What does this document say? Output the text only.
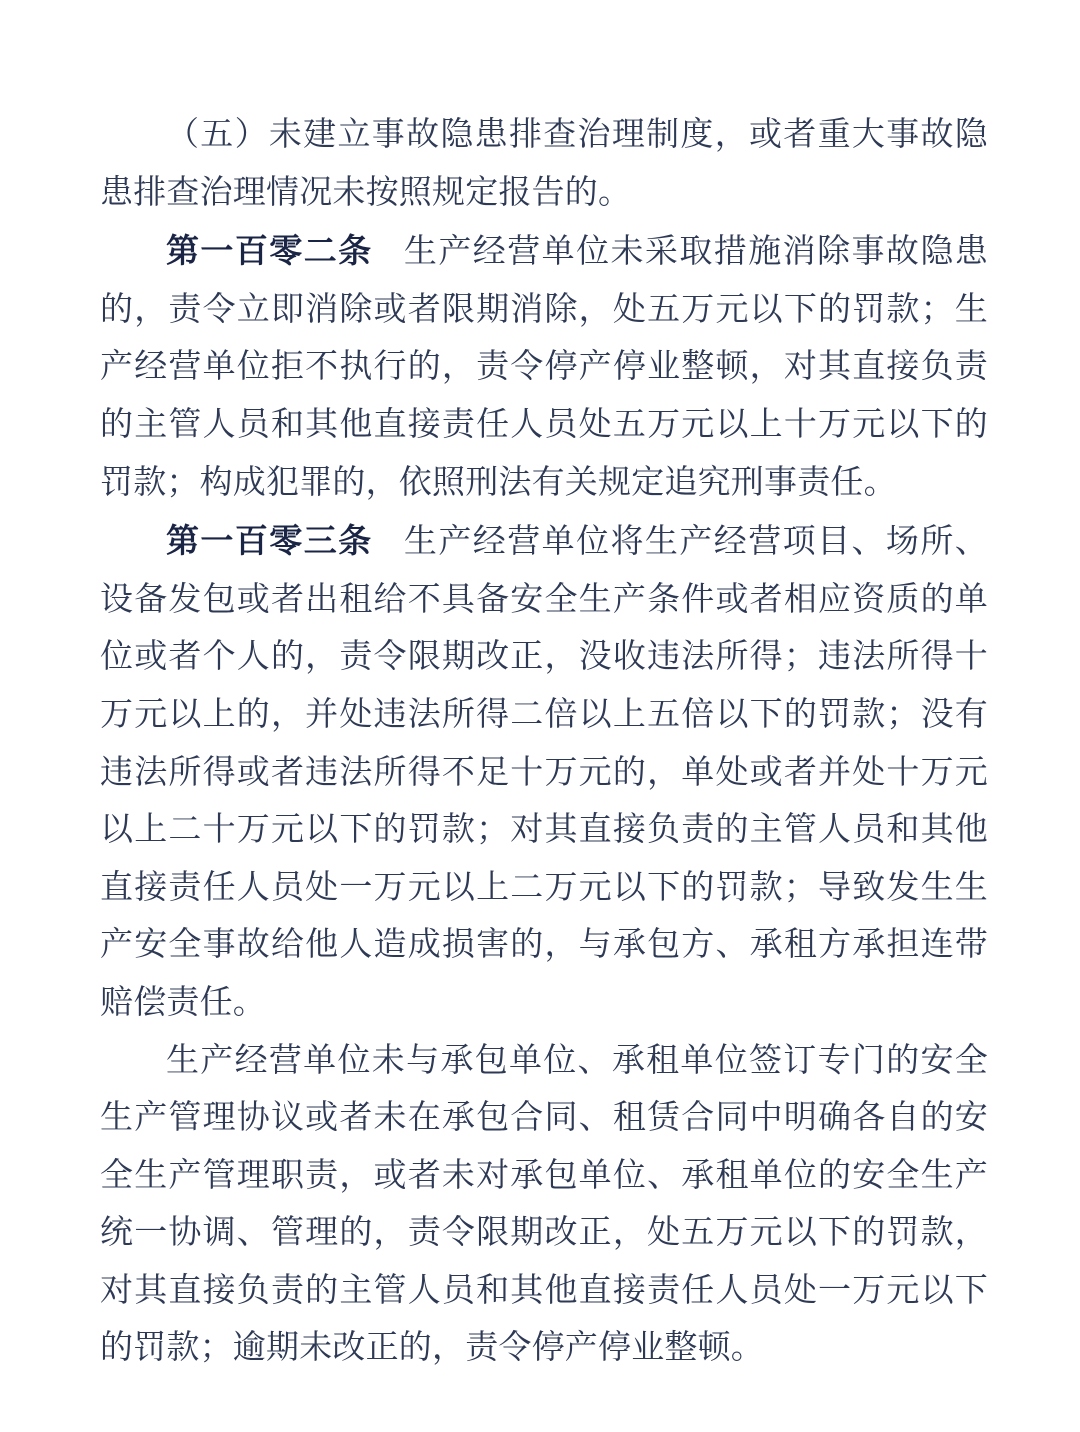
（五）未建立事故隐患排查治理制度，或者重大事故隐患排查治理情况未按照规定报告的。

第一百零二条 生产经营单位未采取措施消除事故隐患的，责令立即消除或者限期消除，处五万元以下的罚款；生产经营单位拒不执行的，责令停产停业整顿，对其直接负责的主管人员和其他直接责任人员处五万元以上十万元以下的罚款；构成犯罪的，依照刑法有关规定追究刑事责任。

第一百零三条 生产经营单位将生产经营项目、场所、设备发包或者出租给不具备安全生产条件或者相应资质的单位或者个人的，责令限期改正，没收违法所得；违法所得十万元以上的，并处违法所得二倍以上五倍以下的罚款；没有违法所得或者违法所得不足十万元的，单处或者并处十万元以上二十万元以下的罚款；对其直接负责的主管人员和其他直接责任人员处一万元以上二万元以下的罚款；导致发生生产安全事故给他人造成损害的，与承包方、承租方承担连带赔偿责任。

生产经营单位未与承包单位、承租单位签订专门的安全生产管理协议或者未在承包合同、租赁合同中明确各自的安全生产管理职责，或者未对承包单位、承租单位的安全生产统一协调、管理的，责令限期改正，处五万元以下的罚款，对其直接负责的主管人员和其他直接责任人员处一万元以下的罚款；逾期未改正的，责令停产停业整顿。
